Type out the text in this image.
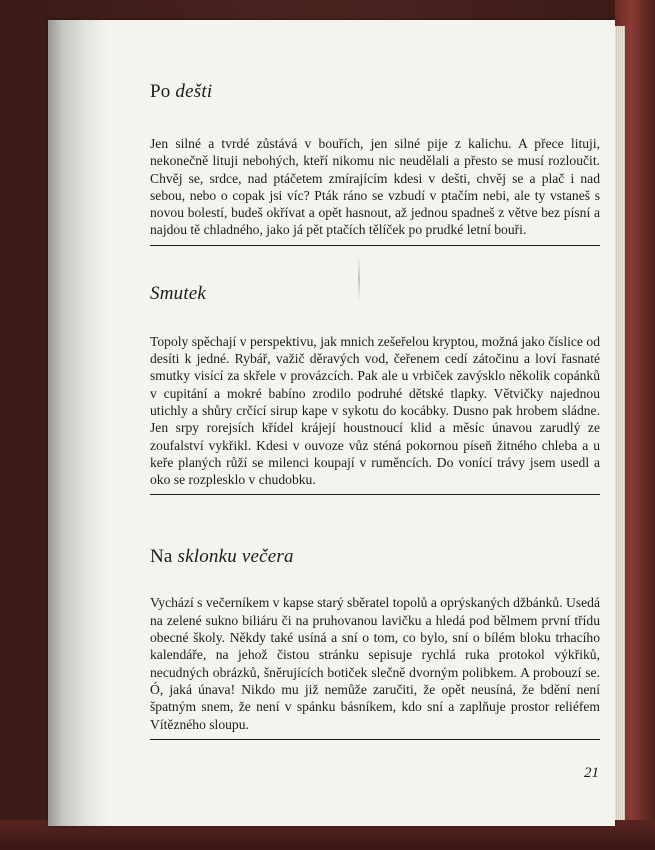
Po dešti

Jen silné a tvrdé zůstává v bouřích, jen silné pije z kalichu. A přece lituji, nekonečně lituji nebohých, kteří nikomu nic neudělali a přesto se musí rozloučit. Chvěj se, srdce, nad ptáčetem zmírajícím kdesi v dešti, chvěj se a plač i nad sebou, nebo o copak jsi víc? Pták ráno se vzbudí v ptačím nebi, ale ty vstaneš s novou bolestí, budeš okřívat a opět hasnout, až jednou spadneš z větve bez písní a najdou tě chladného, jako já pět ptačích tělíček po prudké letní bouři.

Smutek

Topoly spěchají v perspektivu, jak mnich zešeřelou kryptou, možná jako číslice od desíti k jedné. Rybář, važič děravých vod, čeřenem cedí zátočinu a loví řasnaté smutky visící za skřele v provázcích. Pak ale u vrbiček zavýsklo několik copánků v cupitání a mokré babíno zrodilo podruhé dětské tlapky. Větvičky najednou utichly a shůry crčící sirup kape v sykotu do kocábky. Dusno pak hrobem sládne. Jen srpy rorejsích křídel krájejí houstnoucí klid a měsíc únavou zarudlý ze zoufalství vykřikl. Kdesi v ouvoze vůz sténá pokornou píseň žitného chleba a u keře planých růží se milenci koupají v ruměncích. Do vonící trávy jsem usedl a oko se rozplesklo v chudobku.

Na sklonku večera

Vychází s večerníkem v kapse starý sběratel topolů a oprýskaných džbánků. Usedá na zelené sukno biliáru či na pruhovanou lavičku a hledá pod bělmem první třídu obecné školy. Někdy také usíná a sní o tom, co bylo, sní o bílém bloku trhacího kalendáře, na jehož čistou stránku sepisuje rychlá ruka protokol výkřiků, necudných obrázků, šněrujících botiček slečně dvorným polibkem. A probouzí se. Ó, jaká únava! Nikdo mu již nemůže zaručiti, že opět neusíná, že bdění není špatným snem, že není v spánku básníkem, kdo sní a zaplňuje prostor reliéfem Vítězného sloupu.

21
